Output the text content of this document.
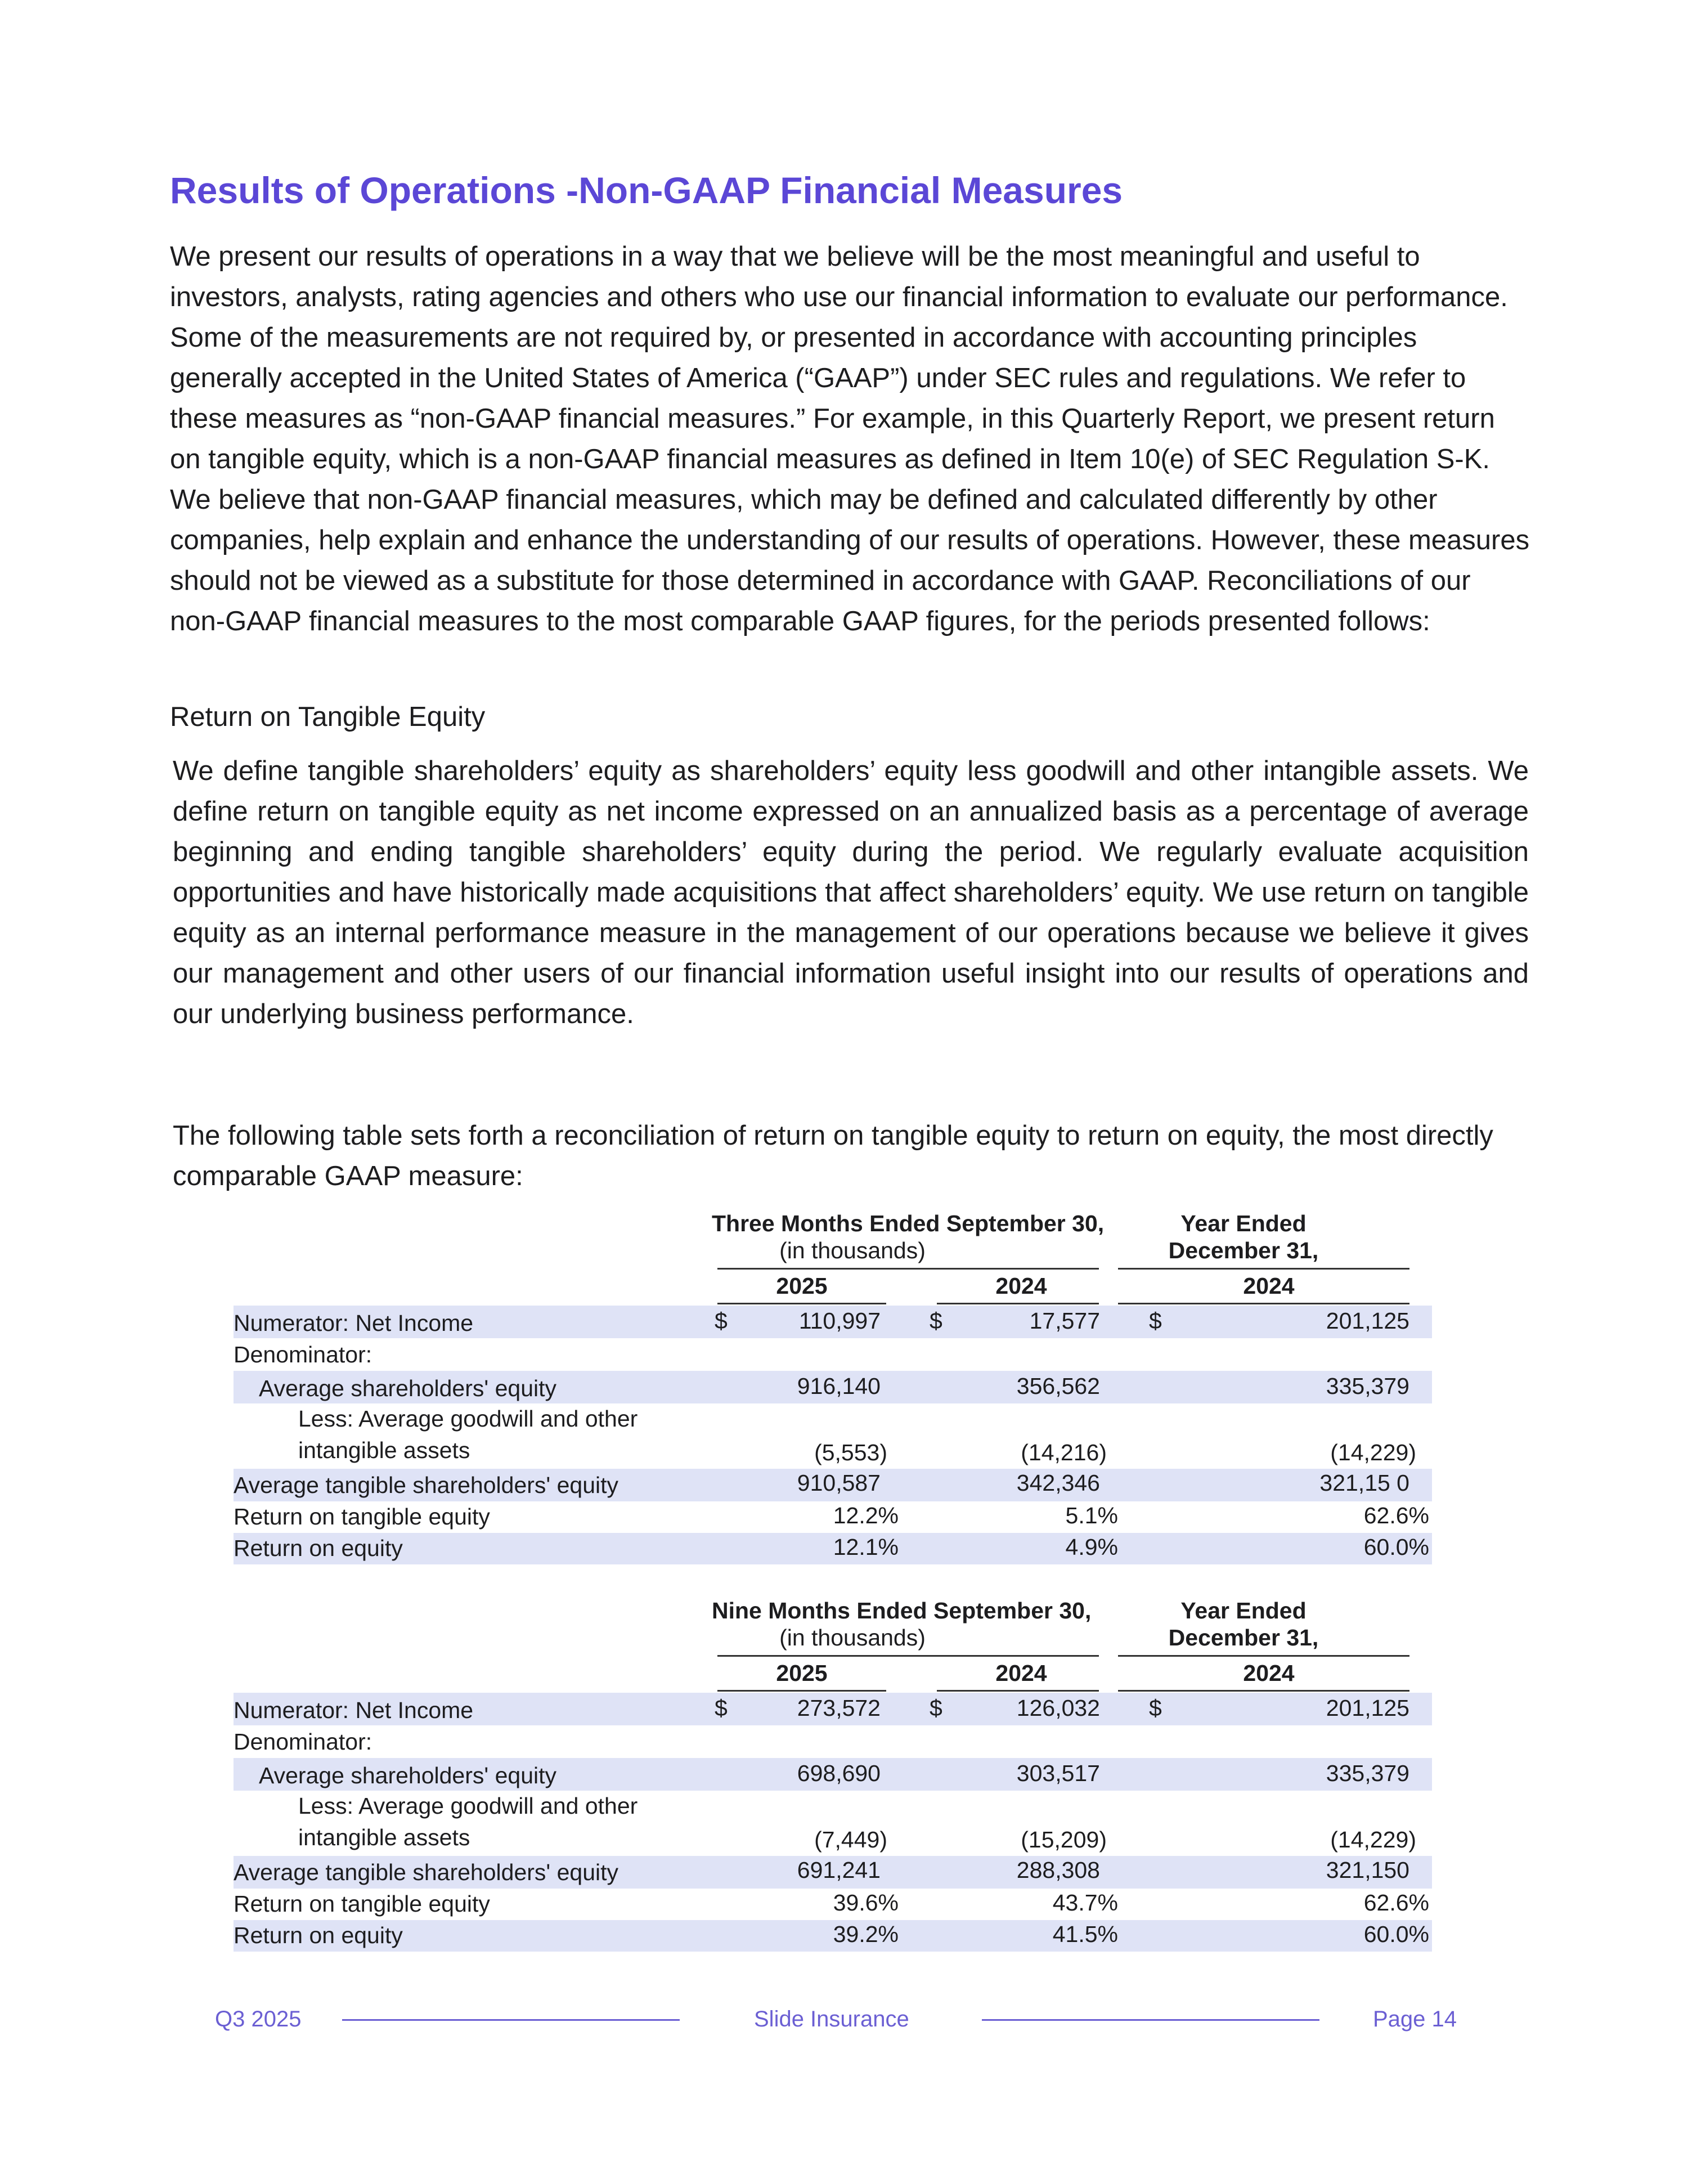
Results of Operations -Non-GAAP Financial Measures

We present our results of operations in a way that we believe will be the most meaningful and useful to investors, analysts, rating agencies and others who use our financial information to evaluate our performance. Some of the measurements are not required by, or presented in accordance with accounting principles generally accepted in the United States of America (“GAAP”) under SEC rules and regulations. We refer to these measures as “non-GAAP financial measures.” For example, in this Quarterly Report, we present return on tangible equity, which is a non-GAAP financial measures as defined in Item 10(e) of SEC Regulation S-K. We believe that non-GAAP financial measures, which may be defined and calculated differently by other companies, help explain and enhance the understanding of our results of operations. However, these measures should not be viewed as a substitute for those determined in accordance with GAAP. Reconciliations of our non-GAAP financial measures to the most comparable GAAP figures, for the periods presented follows:

Return on Tangible Equity

We define tangible shareholders’ equity as shareholders’ equity less goodwill and other intangible assets. We define return on tangible equity as net income expressed on an annualized basis as a percentage of average beginning and ending tangible shareholders’ equity during the period. We regularly evaluate acquisition opportunities and have historically made acquisitions that affect shareholders’ equity. We use return on tangible equity as an internal performance measure in the management of our operations because we believe it gives our management and other users of our financial information useful insight into our results of operations and our underlying business performance.

The following table sets forth a reconciliation of return on tangible equity to return on equity, the most directly comparable GAAP measure:

Three Months Ended September 30,
(in thousands)
Year Ended
December 31,
2025	2024	2024
Numerator: Net Income	$	110,997 $	17,577 $	201,125
Denominator:
Average shareholders' equity	916,140	356,562	335,379
Less: Average goodwill and other
intangible assets	(5,553)	(14,216)	(14,229)
Average tangible shareholders' equity	910,587	342,346	321,15 0
Return on tangible equity	12.2%	5.1%	62.6%
Return on equity	12.1%	4.9%	60.0%
Nine Months Ended September 30,
(in thousands)
Year Ended
December 31,
2025	2024	2024
Numerator: Net Income	$	273,572 $	126,032 $	201,125
Denominator:
Average shareholders' equity	698,690	303,517	335,379
Less: Average goodwill and other
intangible assets	(7,449)	(15,209)	(14,229)
Average tangible shareholders' equity	691,241	288,308	321,150
Return on tangible equity	39.6%	43.7%	62.6%
Return on equity	39.2%	41.5%	60.0%
Q3 2025	Slide Insurance	Page 14
